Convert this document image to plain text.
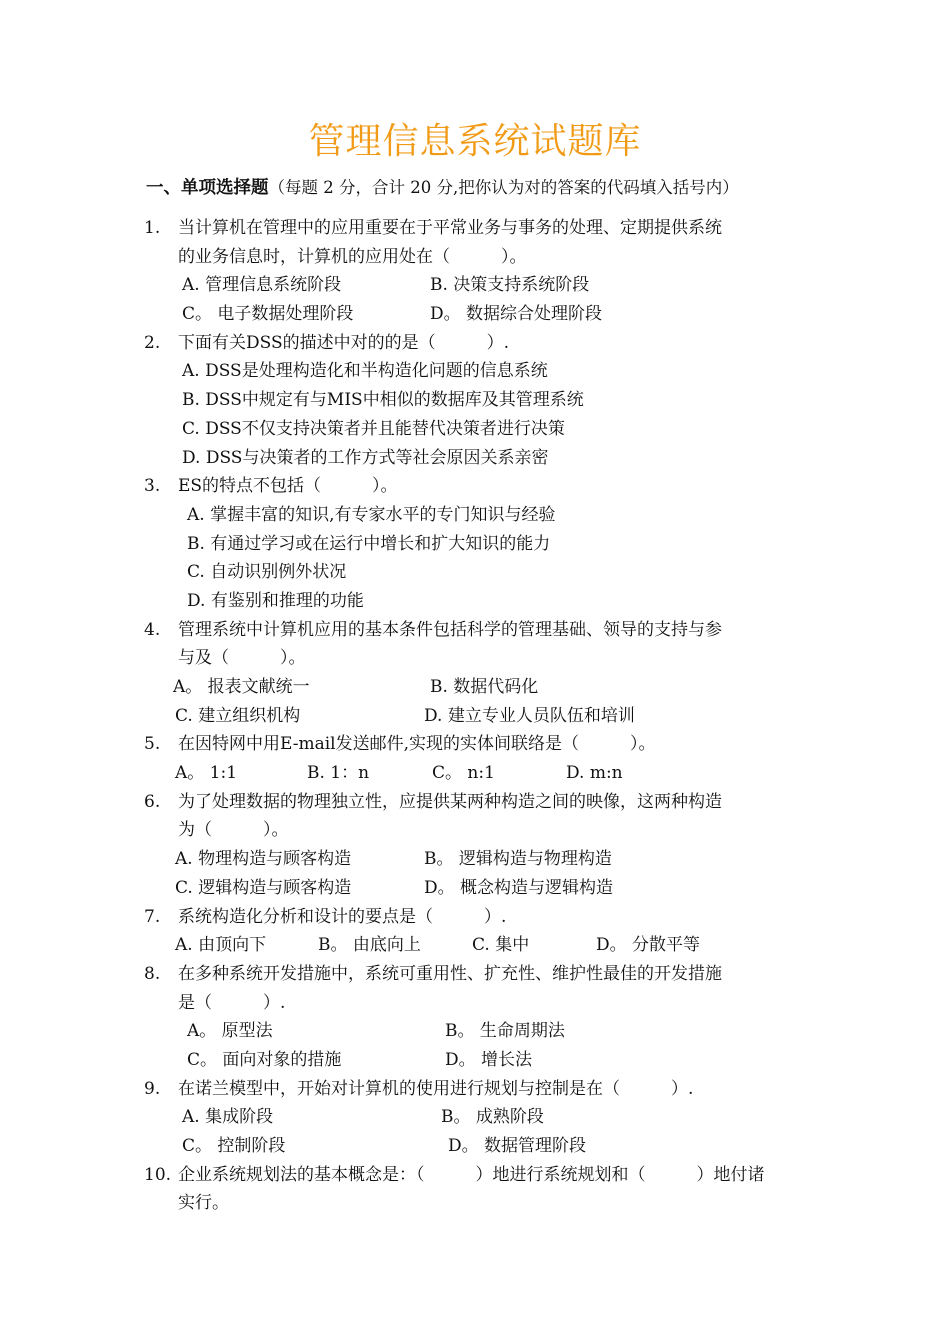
管理信息系统试题库
一、单项选择题（每题 2 分，合计 20 分,把你认为对的答案的代码填入括号内）
1. 当计算机在管理中的应用重要在于平常业务与事务的处理、定期提供系统
的业务信息时，计算机的应用处在（　　　）。
A. 管理信息系统阶段	B. 决策支持系统阶段
C。 电子数据处理阶段	D。 数据综合处理阶段
2. 下面有关DSS的描述中对的的是（　　　）.
A. DSS是处理构造化和半构造化问题的信息系统
B. DSS中规定有与MIS中相似的数据库及其管理系统
C. DSS不仅支持决策者并且能替代决策者进行决策
D. DSS与决策者的工作方式等社会原因关系亲密
3. ES的特点不包括（　　　）。
A. 掌握丰富的知识,有专家水平的专门知识与经验
B. 有通过学习或在运行中增长和扩大知识的能力
C. 自动识别例外状况
D. 有鉴别和推理的功能
4. 管理系统中计算机应用的基本条件包括科学的管理基础、领导的支持与参
与及（　　　）。
A。 报表文献统一	B. 数据代码化
C. 建立组织机构	D. 建立专业人员队伍和培训
5. 在因特网中用E-mail发送邮件,实现的实体间联络是（　　　）。
A。 1:1	B. 1：n	C。 n:1	D. m:n
6. 为了处理数据的物理独立性，应提供某两种构造之间的映像，这两种构造
为（　　　）。
A. 物理构造与顾客构造	B。 逻辑构造与物理构造
C. 逻辑构造与顾客构造	D。 概念构造与逻辑构造
7. 系统构造化分析和设计的要点是（　　　）.
A. 由顶向下	B。 由底向上	C. 集中	D。 分散平等
8. 在多种系统开发措施中，系统可重用性、扩充性、维护性最佳的开发措施
是（　　　）.
A。 原型法	B。 生命周期法
C。 面向对象的措施	D。 增长法
9. 在诺兰模型中，开始对计算机的使用进行规划与控制是在（　　　）.
A. 集成阶段	B。 成熟阶段
C。 控制阶段	D。 数据管理阶段
10. 企业系统规划法的基本概念是：（　　　）地进行系统规划和（　　　）地付诸
实行。
